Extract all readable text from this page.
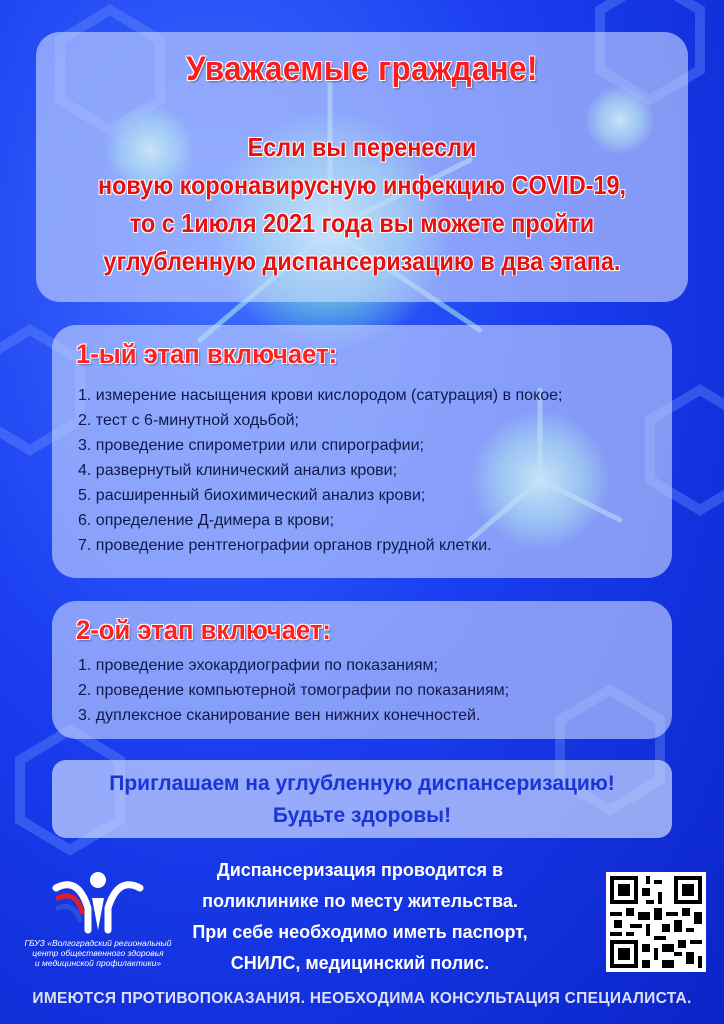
Уважаемые граждане!
Если вы перенесли
новую коронавирусную инфекцию COVID-19,
то с 1июля 2021 года вы можете пройти
углубленную диспансеризацию в два этапа.
1-ый этап включает:
1. измерение насыщения крови кислородом (сатурация) в покое;
2. тест с 6-минутной ходьбой;
3. проведение спирометрии или спирографии;
4. развернутый клинический анализ крови;
5. расширенный биохимический анализ крови;
6. определение Д-димера в крови;
7. проведение рентгенографии органов грудной клетки.
2-ой этап включает:
1. проведение эхокардиографии по показаниям;
2. проведение компьютерной томографии по показаниям;
3. дуплексное сканирование вен нижних конечностей.
Приглашаем на углубленную диспансеризацию!
Будьте здоровы!
ГБУЗ «Волгоградский региональный
центр общественного здоровья
и медицинской профилактики»
Диспансеризация проводится в
поликлинике по месту жительства.
При себе необходимо иметь паспорт,
СНИЛС, медицинский полис.
ИМЕЮТСЯ ПРОТИВОПОКАЗАНИЯ. НЕОБХОДИМА КОНСУЛЬТАЦИЯ СПЕЦИАЛИСТА.
